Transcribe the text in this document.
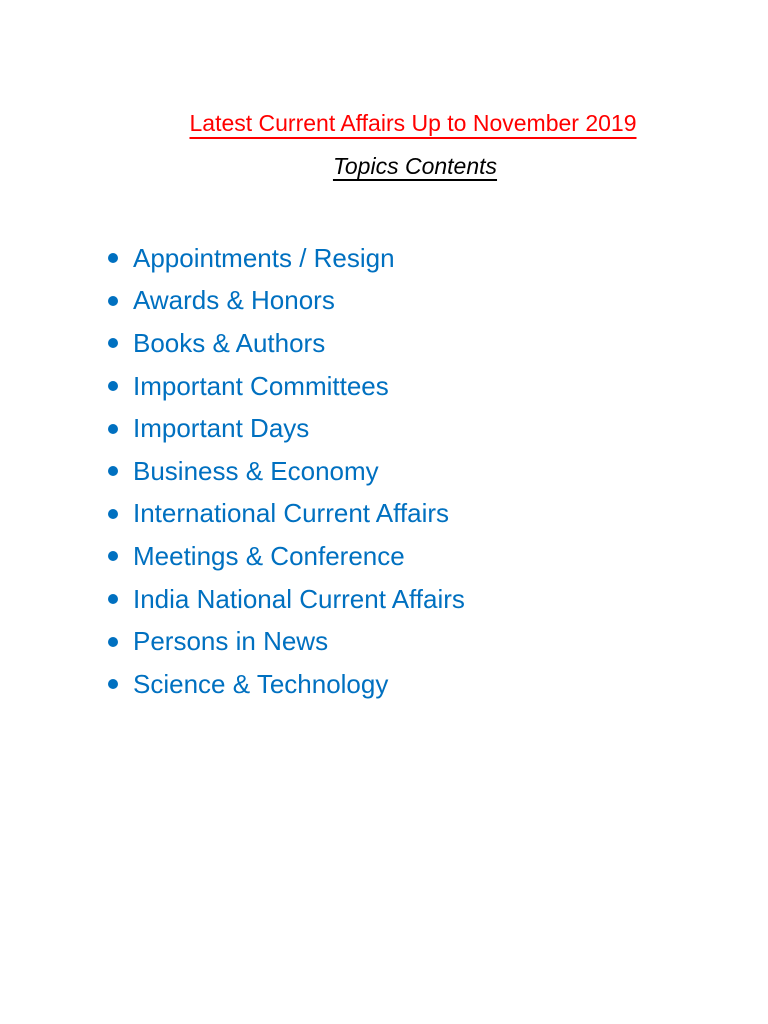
Latest Current Affairs Up to November 2019
Topics Contents
Appointments / Resign
Awards & Honors
Books & Authors
Important Committees
Important Days
Business & Economy
International Current Affairs
Meetings & Conference
India National Current Affairs
Persons in News
Science & Technology
